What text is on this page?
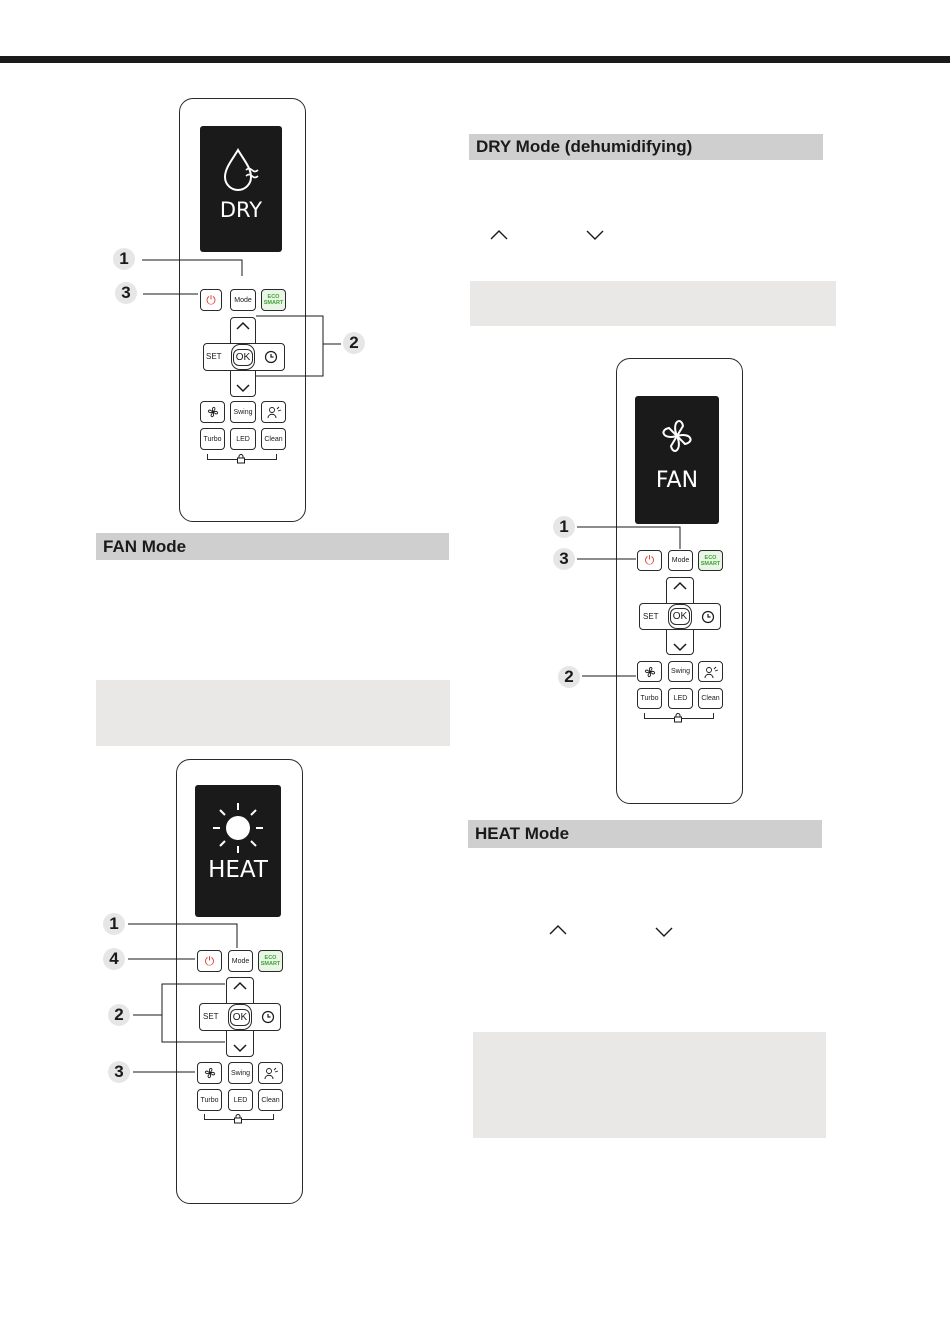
DRY
⏻	Mode	ECO
SMART
OK
SET
Swing
Turbo	LED	Clean
1
3
2
DRY Mode (dehumidifying)
FAN
⏻	Mode	ECO
SMART
OK
SET
Swing
Turbo	LED	Clean
1
3
2
FAN Mode
HEAT Mode
HEAT
⏻	Mode	ECO
SMART
OK
SET
Swing
Turbo	LED	Clean
1
4
2
3
